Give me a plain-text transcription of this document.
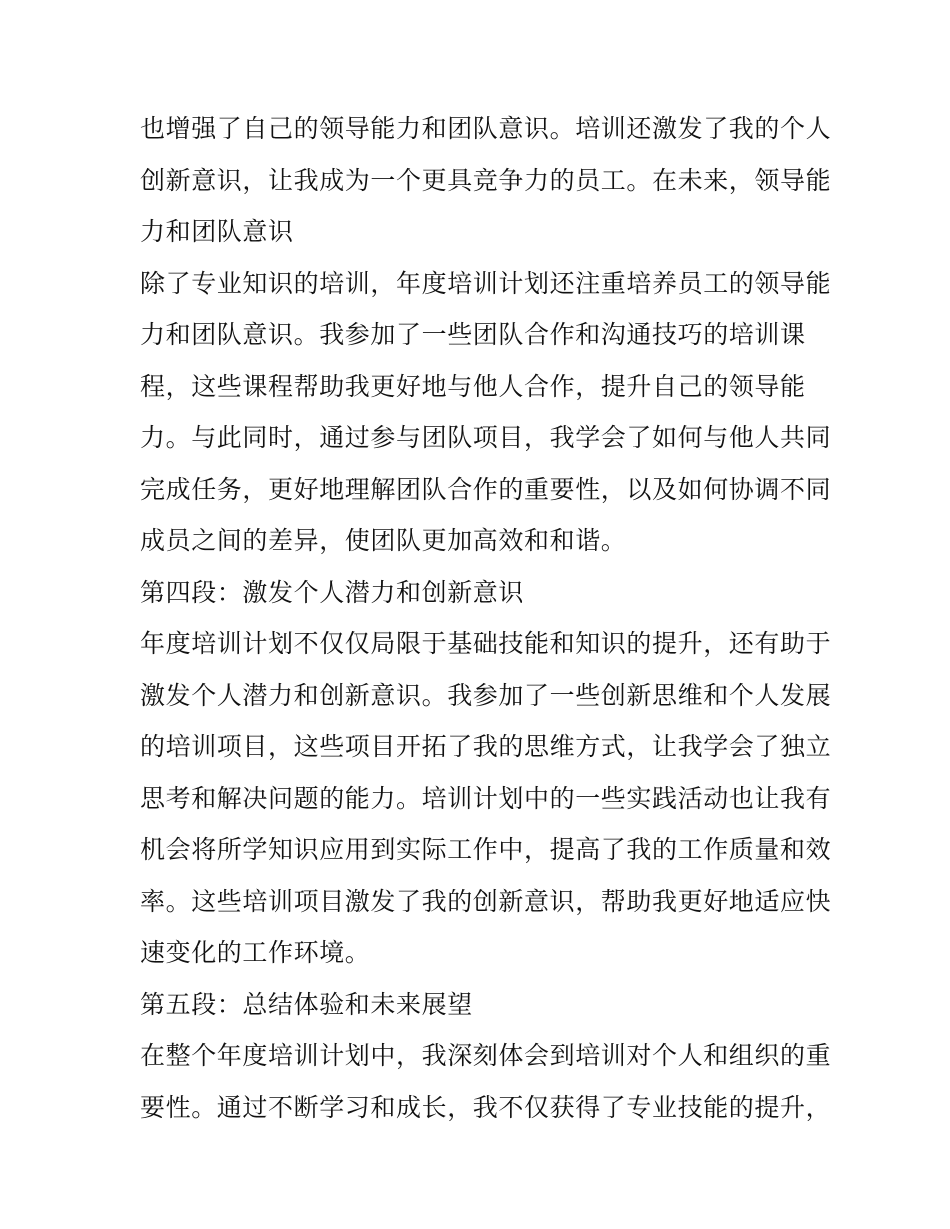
也增强了自己的领导能力和团队意识。培训还激发了我的个人
创新意识，让我成为一个更具竞争力的员工。在未来，领导能
力和团队意识
除了专业知识的培训，年度培训计划还注重培养员工的领导能
力和团队意识。我参加了一些团队合作和沟通技巧的培训课
程，这些课程帮助我更好地与他人合作，提升自己的领导能
力。与此同时，通过参与团队项目，我学会了如何与他人共同
完成任务，更好地理解团队合作的重要性，以及如何协调不同
成员之间的差异，使团队更加高效和和谐。
第四段：激发个人潜力和创新意识
年度培训计划不仅仅局限于基础技能和知识的提升，还有助于
激发个人潜力和创新意识。我参加了一些创新思维和个人发展
的培训项目，这些项目开拓了我的思维方式，让我学会了独立
思考和解决问题的能力。培训计划中的一些实践活动也让我有
机会将所学知识应用到实际工作中，提高了我的工作质量和效
率。这些培训项目激发了我的创新意识，帮助我更好地适应快
速变化的工作环境。
第五段：总结体验和未来展望
在整个年度培训计划中，我深刻体会到培训对个人和组织的重
要性。通过不断学习和成长，我不仅获得了专业技能的提升，
